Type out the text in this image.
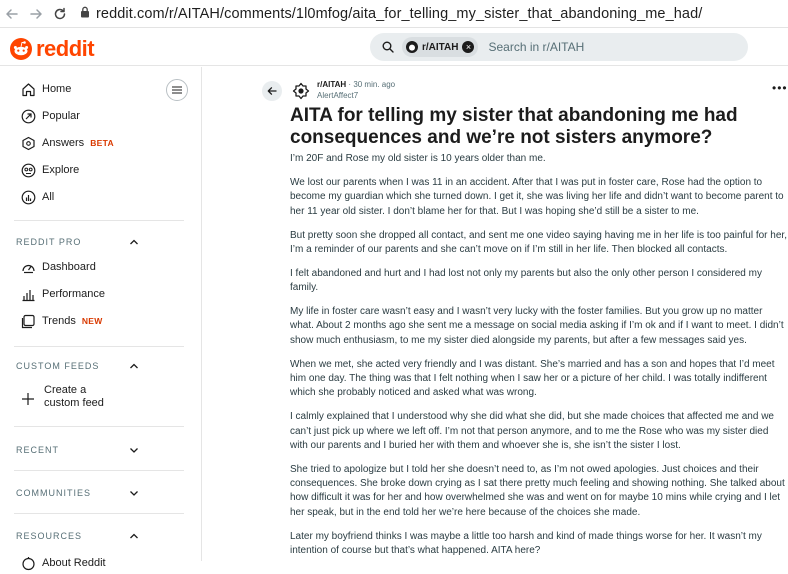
reddit.com/r/AITAH/comments/1l0mfog/aita_for_telling_my_sister_that_abandoning_me_had/
reddit	r/AITAH × Search in r/AITAH
Home
Popular
Answers BETA
Explore
All
REDDIT PRO
Dashboard
Performance
Trends NEW
CUSTOM FEEDS
Create a custom feed
RECENT
COMMUNITIES
RESOURCES
About Reddit
r/AITAH · 30 min. ago
AlertAffect7
•••
AITA for telling my sister that abandoning me had consequences and we’re not sisters anymore?

I’m 20F and Rose my old sister is 10 years older than me.

We lost our parents when I was 11 in an accident. After that I was put in foster care, Rose had the option to become my guardian which she turned down. I get it, she was living her life and didn’t want to become parent to her 11 year old sister. I don’t blame her for that. But I was hoping she’d still be a sister to me.

But pretty soon she dropped all contact, and sent me one video saying having me in her life is too painful for her, I’m a reminder of our parents and she can’t move on if I’m still in her life. Then blocked all contacts.

I felt abandoned and hurt and I had lost not only my parents but also the only other person I considered my family.

My life in foster care wasn’t easy and I wasn’t very lucky with the foster families. But you grow up no matter what. About 2 months ago she sent me a message on social media asking if I’m ok and if I want to meet. I didn’t show much enthusiasm, to me my sister died alongside my parents, but after a few messages said yes.

When we met, she acted very friendly and I was distant. She’s married and has a son and hopes that I’d meet him one day. The thing was that I felt nothing when I saw her or a picture of her child. I was totally indifferent which she probably noticed and asked what was wrong.

I calmly explained that I understood why she did what she did, but she made choices that affected me and we can’t just pick up where we left off. I’m not that person anymore, and to me the Rose who was my sister died with our parents and I buried her with them and whoever she is, she isn’t the sister I lost.

She tried to apologize but I told her she doesn’t need to, as I’m not owed apologies. Just choices and their consequences. She broke down crying as I sat there pretty much feeling and showing nothing. She talked about how difficult it was for her and how overwhelmed she was and went on for maybe 10 mins while crying and I let her speak, but in the end told her we’re here because of the choices she made.

Later my boyfriend thinks I was maybe a little too harsh and kind of made things worse for her. It wasn’t my intention of course but that’s what happened. AITA here?
